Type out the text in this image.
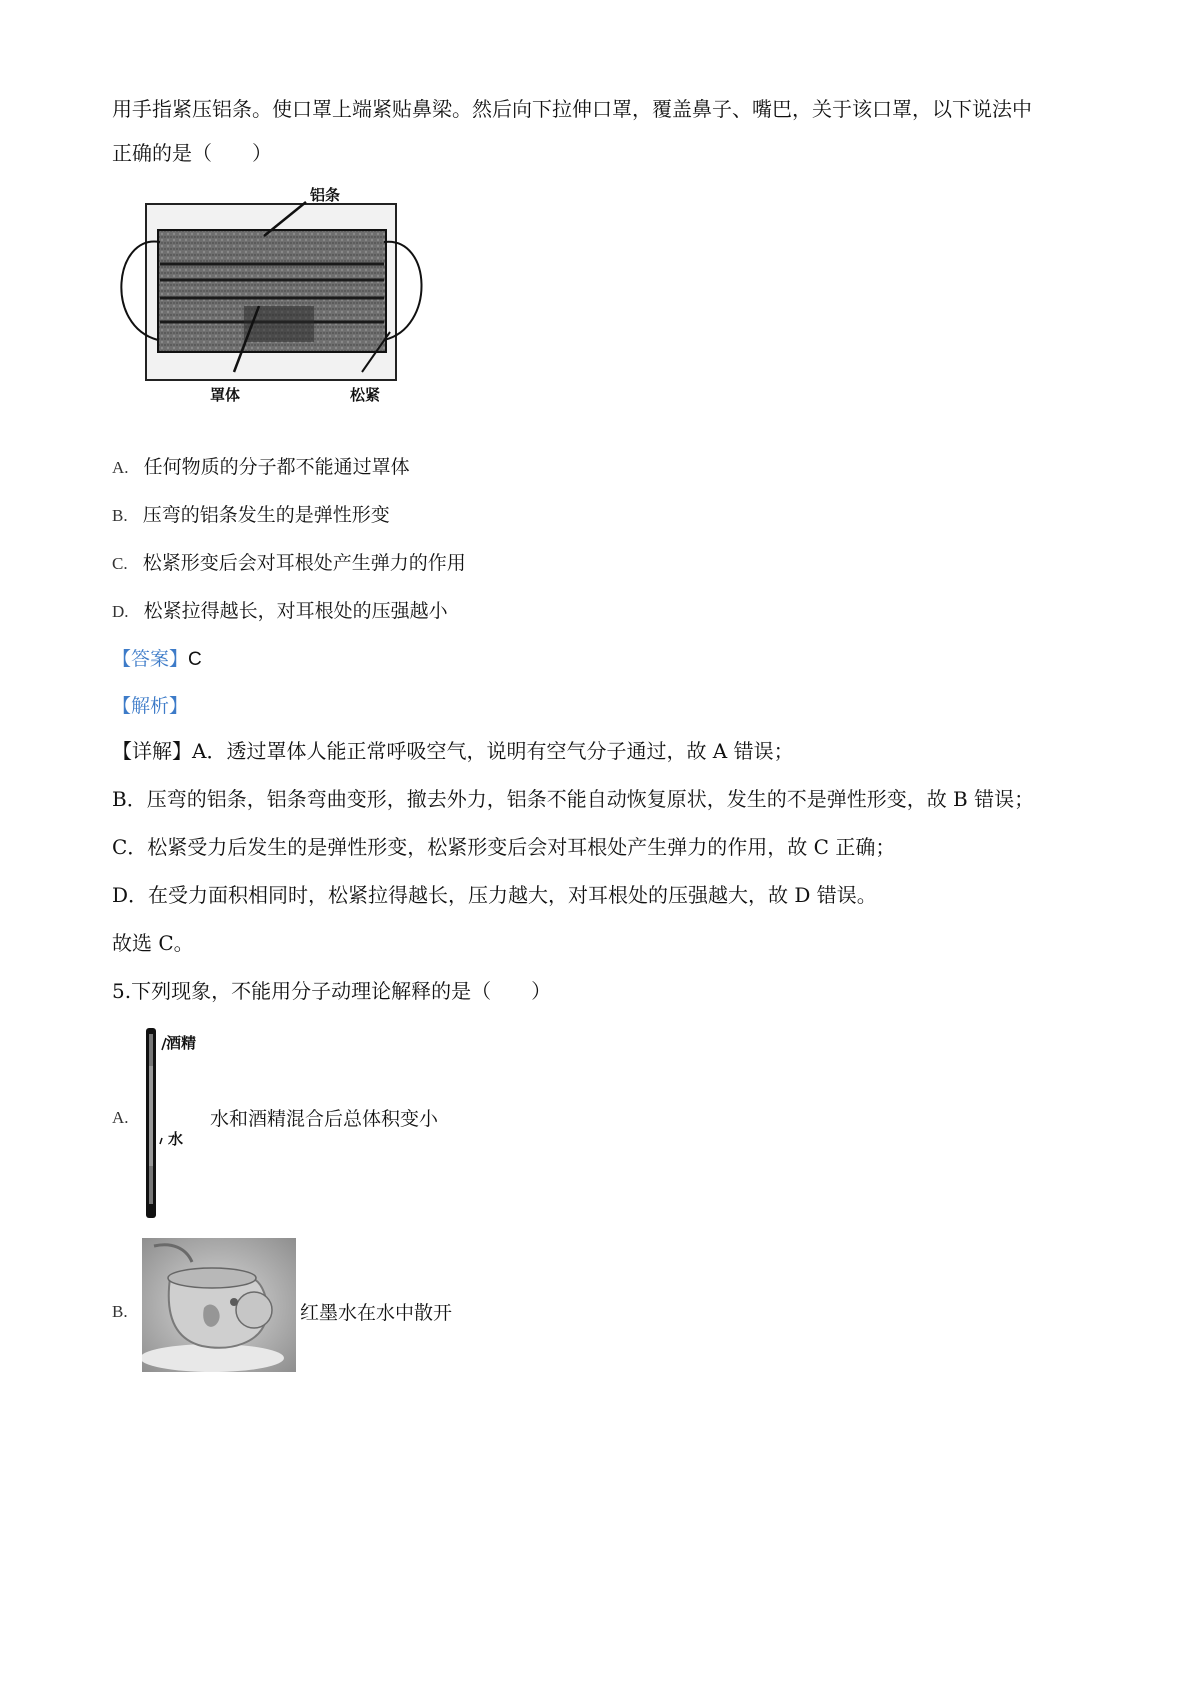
用手指紧压铝条。使口罩上端紧贴鼻梁。然后向下拉伸口罩，覆盖鼻子、嘴巴，关于该口罩，以下说法中
正确的是（　　）
铝条
罩体	松紧
A. 任何物质的分子都不能通过罩体
B. 压弯的铝条发生的是弹性形变
C. 松紧形变后会对耳根处产生弹力的作用
D. 松紧拉得越长，对耳根处的压强越小
【答案】C
【解析】
【详解】A．透过罩体人能正常呼吸空气，说明有空气分子通过，故 A 错误；
B．压弯的铝条，铝条弯曲变形，撤去外力，铝条不能自动恢复原状，发生的不是弹性形变，故 B 错误；
C．松紧受力后发生的是弹性形变，松紧形变后会对耳根处产生弹力的作用，故 C 正确；
D．在受力面积相同时，松紧拉得越长，压力越大，对耳根处的压强越大，故 D 错误。
故选 C。
5.下列现象，不能用分子动理论解释的是（　　）
A.
酒精
水
水和酒精混合后总体积变小
B.	红墨水在水中散开
